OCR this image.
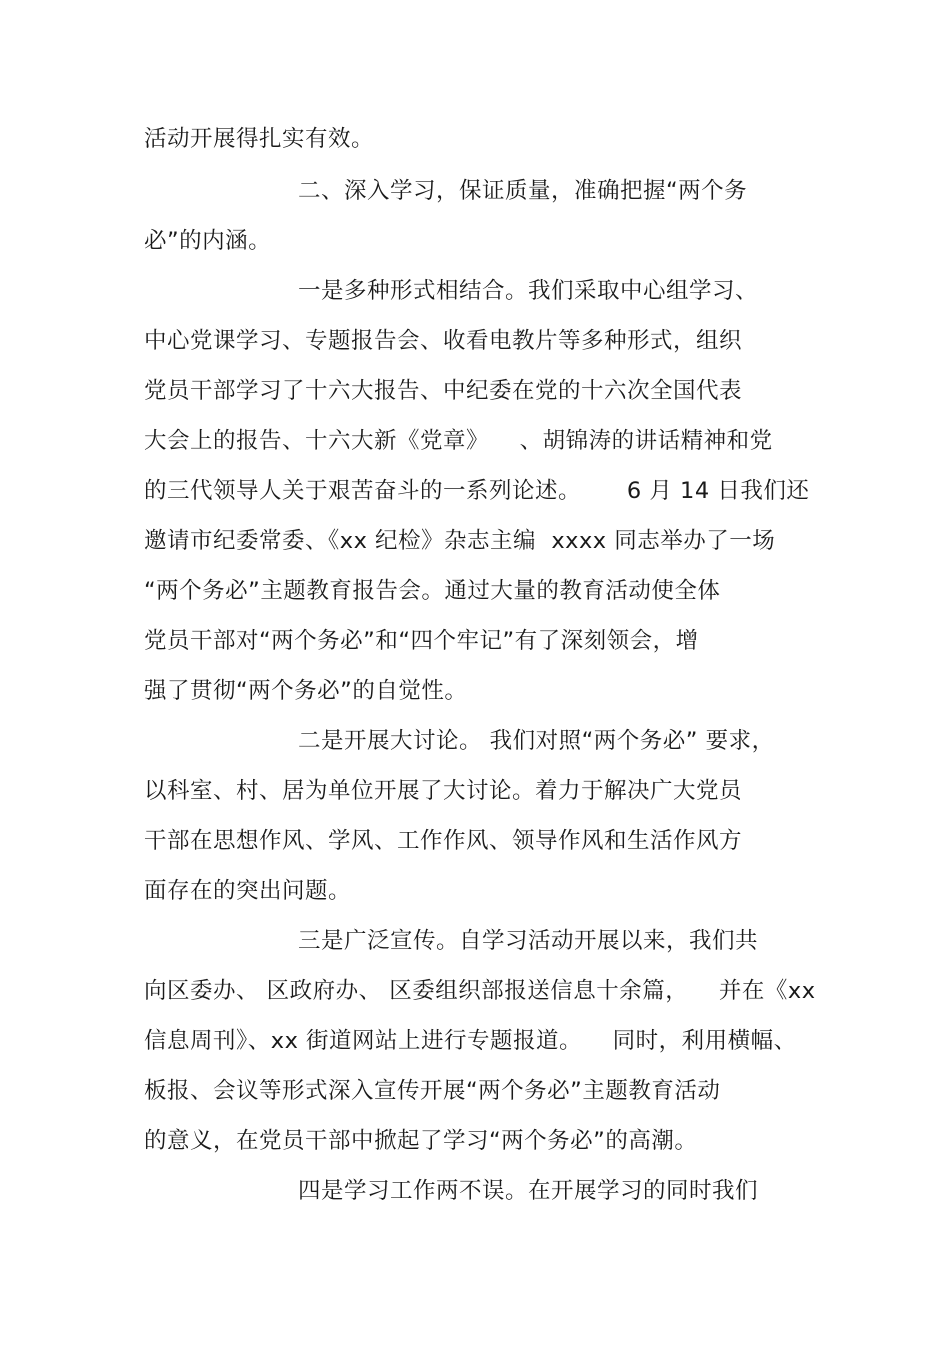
活动开展得扎实有效。
二、深入学习，保证质量，准确把握“两个务
必”的内涵。
一是多种形式相结合。我们采取中心组学习、
中心党课学习、专题报告会、收看电教片等多种形式，组织
党员干部学习了十六大报告、中纪委在党的十六次全国代表
大会上的报告、十六大新《党章》    、胡锦涛的讲话精神和党
的三代领导人关于艰苦奋斗的一系列论述。      6 月 14 日我们还
邀请市纪委常委、《xx 纪检》杂志主编  xxxx 同志举办了一场
“两个务必”主题教育报告会。通过大量的教育活动使全体
党员干部对“两个务必”和“四个牢记”有了深刻领会，增
强了贯彻“两个务必”的自觉性。
二是开展大讨论。 我们对照“两个务必” 要求，
以科室、村、居为单位开展了大讨论。着力于解决广大党员
干部在思想作风、学风、工作作风、领导作风和生活作风方
面存在的突出问题。
三是广泛宣传。自学习活动开展以来，我们共
向区委办、 区政府办、 区委组织部报送信息十余篇，    并在《xx
信息周刊》、xx 街道网站上进行专题报道。    同时，利用横幅、
板报、会议等形式深入宣传开展“两个务必”主题教育活动
的意义，在党员干部中掀起了学习“两个务必”的高潮。
四是学习工作两不误。在开展学习的同时我们
